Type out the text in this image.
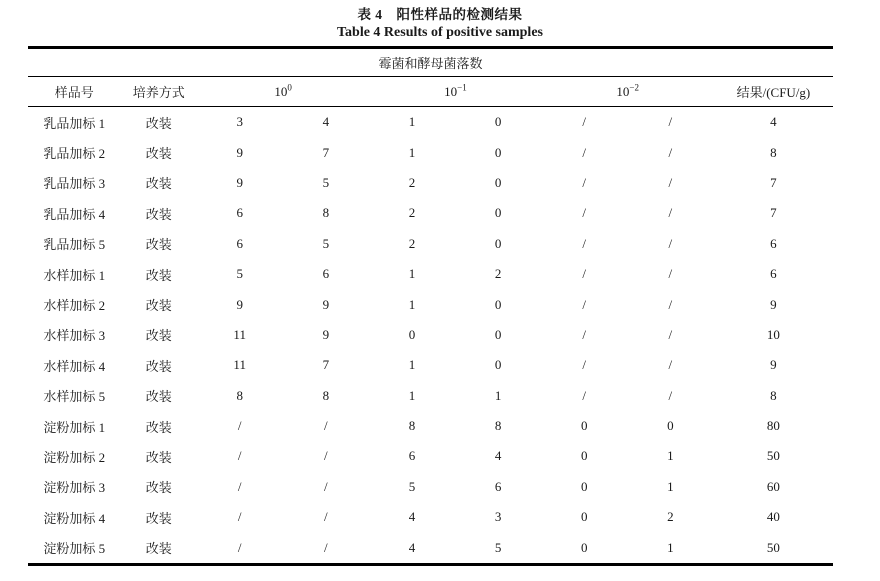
表 4　阳性样品的检测结果
Table 4 Results of positive samples
霉菌和酵母菌落数								
样品号	培养方式	$10^0$		$10^{-1}$		$10^{-2}$		结果/(CFU/g)
乳品加标 1	改装	3	4	1	0	/	/	4
乳品加标 2	改装	9	7	1	0	/	/	8
乳品加标 3	改装	9	5	2	0	/	/	7
乳品加标 4	改装	6	8	2	0	/	/	7
乳品加标 5	改装	6	5	2	0	/	/	6
水样加标 1	改装	5	6	1	2	/	/	6
水样加标 2	改装	9	9	1	0	/	/	9
水样加标 3	改装	11	9	0	0	/	/	10
水样加标 4	改装	11	7	1	0	/	/	9
水样加标 5	改装	8	8	1	1	/	/	8
淀粉加标 1	改装	/	/	8	8	0	0	80
淀粉加标 2	改装	/	/	6	4	0	1	50
淀粉加标 3	改装	/	/	5	6	0	1	60
淀粉加标 4	改装	/	/	4	3	0	2	40
淀粉加标 5	改装	/	/	4	5	0	1	50
